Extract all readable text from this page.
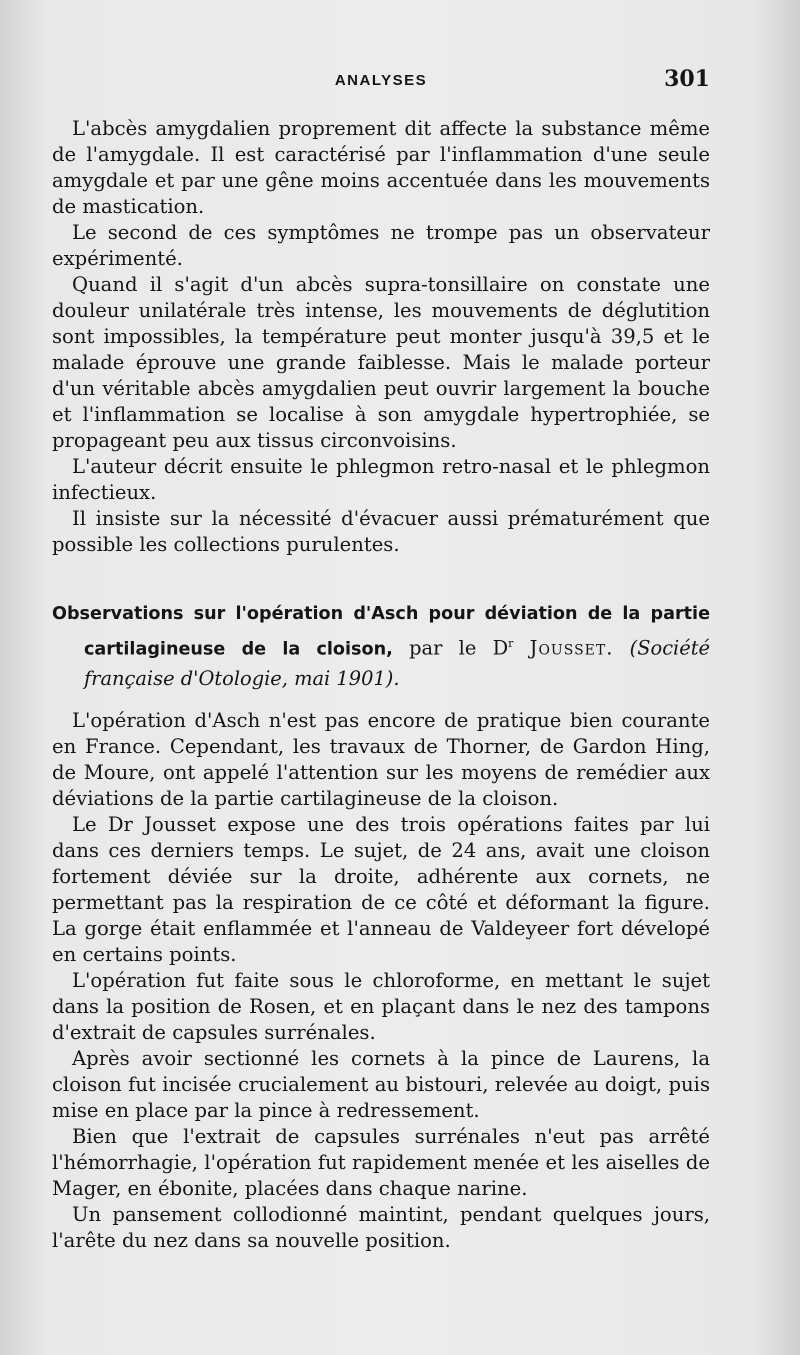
ANALYSES	301

L'abcès amygdalien proprement dit affecte la substance même de l'amygdale. Il est caractérisé par l'inflammation d'une seule amygdale et par une gêne moins accentuée dans les mouvements de mastication.

Le second de ces symptômes ne trompe pas un observateur expérimenté.

Quand il s'agit d'un abcès supra-tonsillaire on constate une douleur unilatérale très intense, les mouvements de déglutition sont impossibles, la température peut monter jusqu'à 39,5 et le malade éprouve une grande faiblesse. Mais le malade porteur d'un véritable abcès amygdalien peut ouvrir largement la bouche et l'inflammation se localise à son amygdale hypertrophiée, se propageant peu aux tissus circonvoisins.

L'auteur décrit ensuite le phlegmon retro-nasal et le phlegmon infectieux.

Il insiste sur la nécessité d'évacuer aussi prématurément que possible les collections purulentes.

Observations sur l'opération d'Asch pour déviation de la partie cartilagineuse de la cloison, par le $D^r$ Jousset. (Société française d'Otologie, mai 1901).

L'opération d'Asch n'est pas encore de pratique bien courante en France. Cependant, les travaux de Thorner, de Gardon Hing, de Moure, ont appelé l'attention sur les moyens de remédier aux déviations de la partie cartilagineuse de la cloison.

Le Dr Jousset expose une des trois opérations faites par lui dans ces derniers temps. Le sujet, de 24 ans, avait une cloison fortement déviée sur la droite, adhérente aux cornets, ne permettant pas la respiration de ce côté et déformant la figure. La gorge était enflammée et l'anneau de Valdeyeer fort dévelopé en certains points.

L'opération fut faite sous le chloroforme, en mettant le sujet dans la position de Rosen, et en plaçant dans le nez des tampons d'extrait de capsules surrénales.

Après avoir sectionné les cornets à la pince de Laurens, la cloison fut incisée crucialement au bistouri, relevée au doigt, puis mise en place par la pince à redressement.

Bien que l'extrait de capsules surrénales n'eut pas arrêté l'hémorrhagie, l'opération fut rapidement menée et les aiselles de Mager, en ébonite, placées dans chaque narine.

Un pansement collodionné maintint, pendant quelques jours, l'arête du nez dans sa nouvelle position.
